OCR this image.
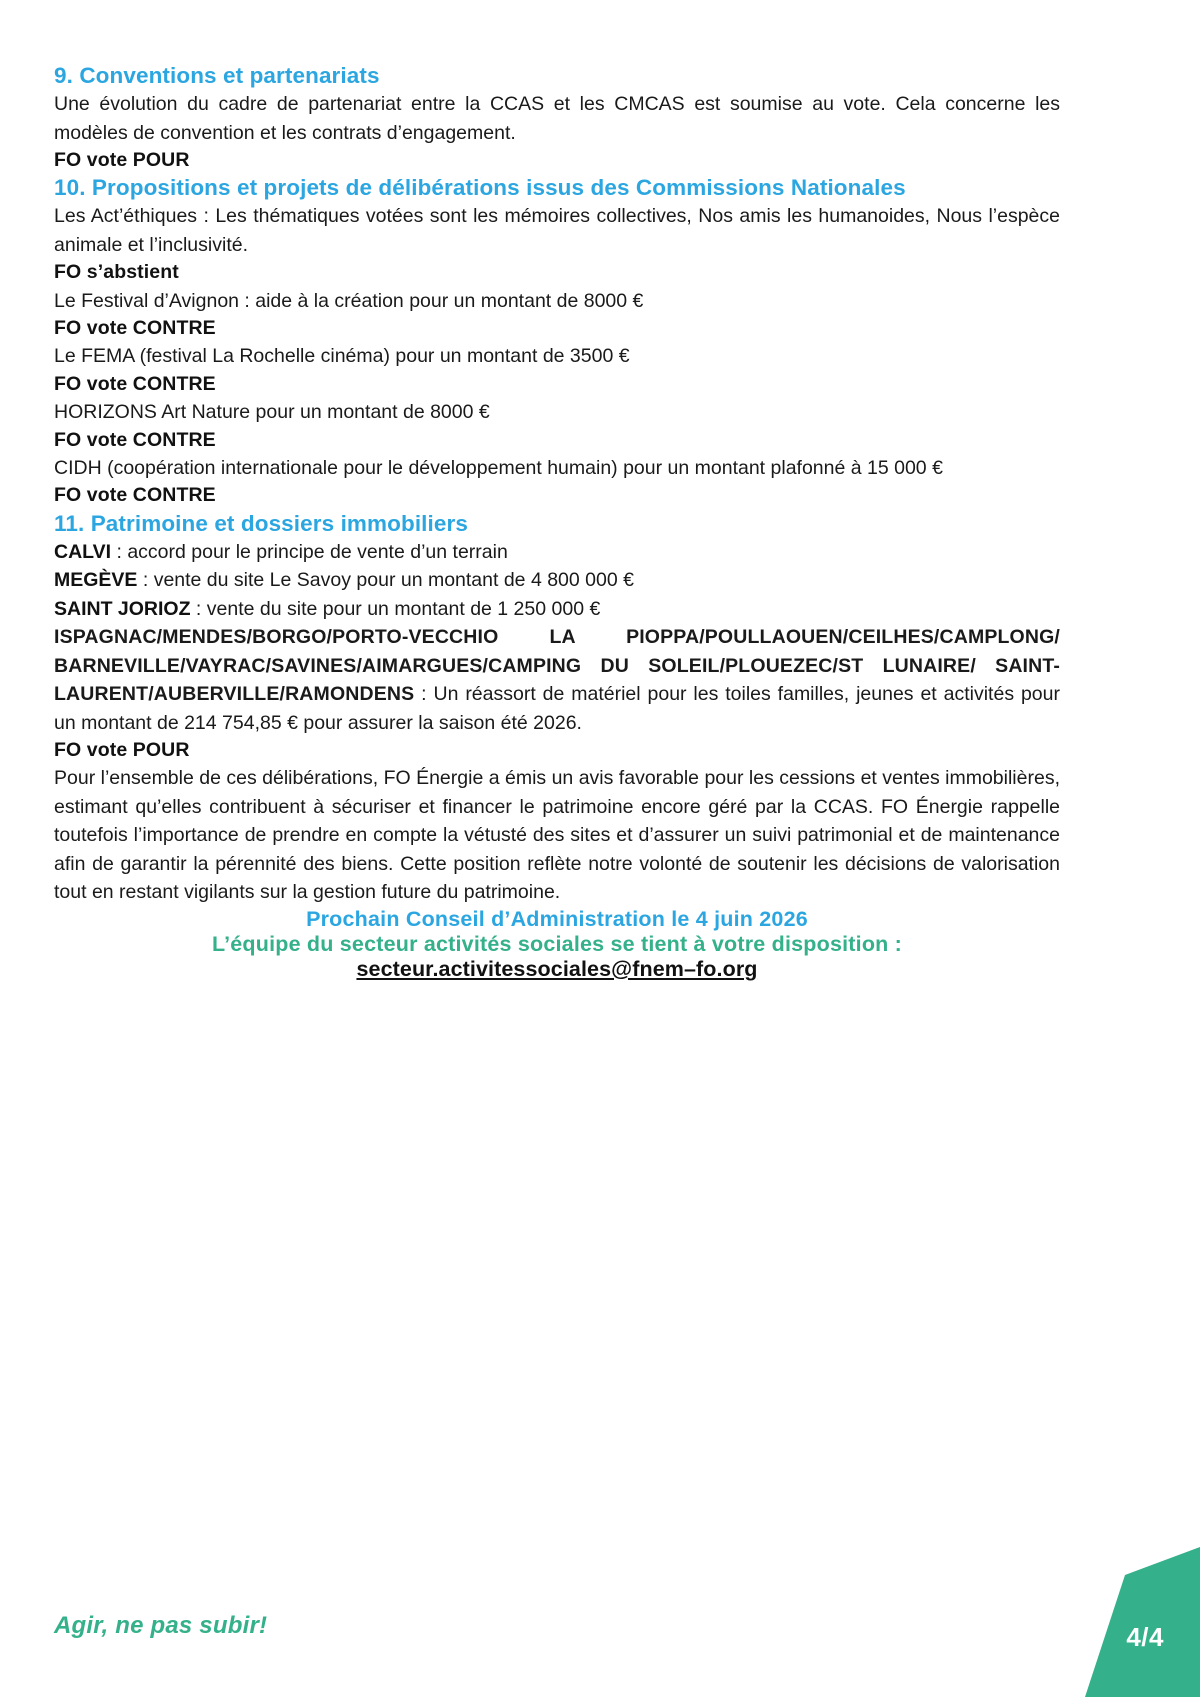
9. Conventions et partenariats

Une évolution du cadre de partenariat entre la CCAS et les CMCAS est soumise au vote. Cela concerne les modèles de convention et les contrats d’engagement.

FO vote POUR

10. Propositions et projets de délibérations issus des Commissions Nationales

Les Act’éthiques : Les thématiques votées sont les mémoires collectives, Nos amis les humanoides, Nous l’espèce animale et l’inclusivité.

FO s’abstient

Le Festival d’Avignon : aide à la création pour un montant de 8000 €

FO vote CONTRE

Le FEMA (festival La Rochelle cinéma) pour un montant de 3500 €

FO vote CONTRE

HORIZONS Art Nature pour un montant de 8000 €

FO vote CONTRE

CIDH (coopération internationale pour le développement humain) pour un montant plafonné à 15 000 €

FO vote CONTRE

11. Patrimoine et dossiers immobiliers

CALVI : accord pour le principe de vente d’un terrain

MEGÈVE : vente du site Le Savoy pour un montant de 4 800 000 €

SAINT JORIOZ : vente du site pour un montant de 1 250 000 €

ISPAGNAC/MENDES/BORGO/PORTO-VECCHIO LA PIOPPA/POULLAOUEN/CEILHES/CAMPLONG/ BARNEVILLE/VAYRAC/SAVINES/AIMARGUES/CAMPING DU SOLEIL/PLOUEZEC/ST LUNAIRE/ SAINT-LAURENT/AUBERVILLE/RAMONDENS : Un réassort de matériel pour les toiles familles, jeunes et activités pour un montant de 214 754,85 € pour assurer la saison été 2026.

FO vote POUR

Pour l’ensemble de ces délibérations, FO Énergie a émis un avis favorable pour les cessions et ventes immobilières, estimant qu’elles contribuent à sécuriser et financer le patrimoine encore géré par la CCAS. FO Énergie rappelle toutefois l’importance de prendre en compte la vétusté des sites et d’assurer un suivi patrimonial et de maintenance afin de garantir la pérennité des biens. Cette position reflète notre volonté de soutenir les décisions de valorisation tout en restant vigilants sur la gestion future du patrimoine.

Prochain Conseil d’Administration le 4 juin 2026

L’équipe du secteur activités sociales se tient à votre disposition :

secteur.activitessociales@fnem–fo.org
Agir, ne pas subir!	4/4
